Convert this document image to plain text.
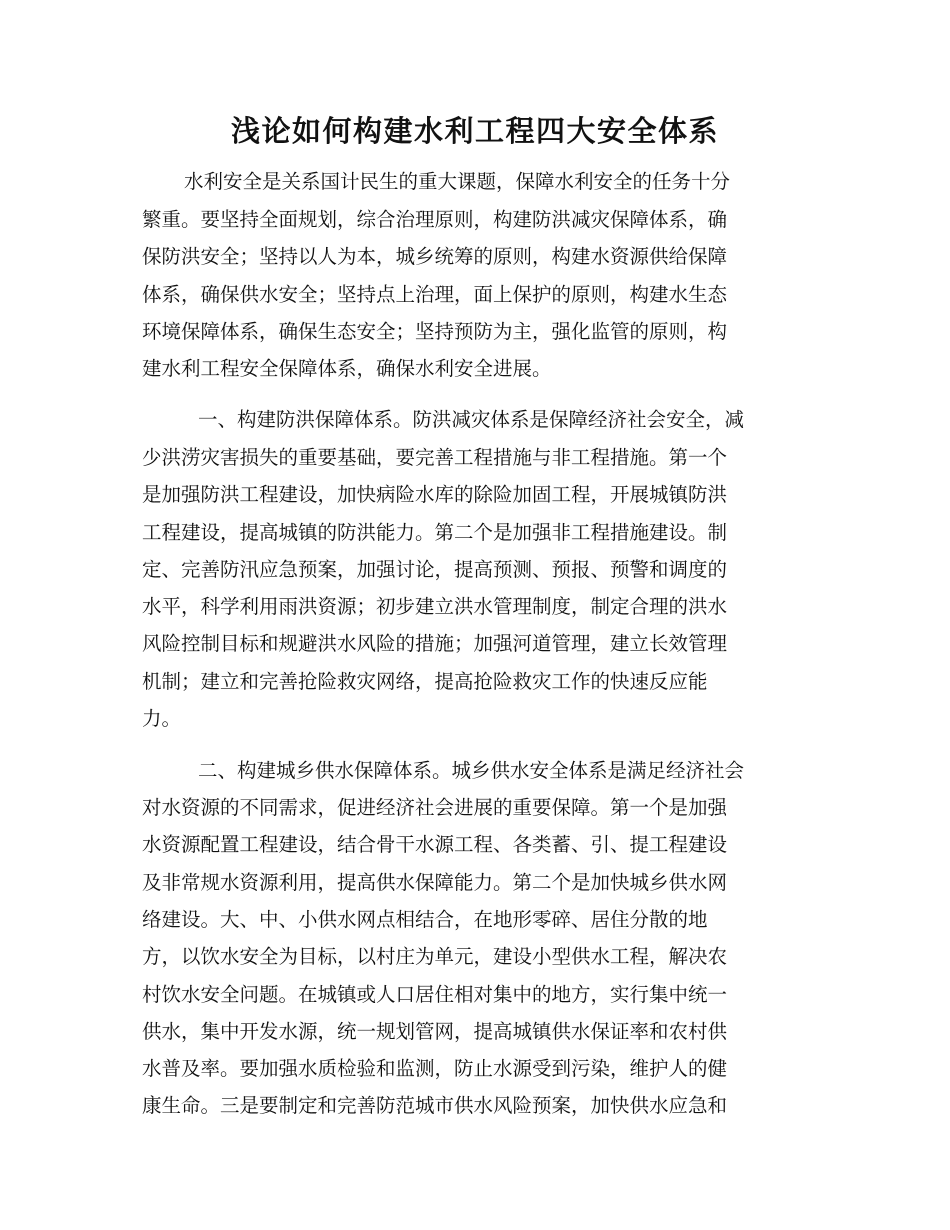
浅论如何构建水利工程四大安全体系

水利安全是关系国计民生的重大课题，保障水利安全的任务十分

繁重。要坚持全面规划，综合治理原则，构建防洪减灾保障体系，确

保防洪安全；坚持以人为本，城乡统筹的原则，构建水资源供给保障

体系，确保供水安全；坚持点上治理，面上保护的原则，构建水生态

环境保障体系，确保生态安全；坚持预防为主，强化监管的原则，构

建水利工程安全保障体系，确保水利安全进展。

一、构建防洪保障体系。防洪减灾体系是保障经济社会安全，减

少洪涝灾害损失的重要基础，要完善工程措施与非工程措施。第一个

是加强防洪工程建设，加快病险水库的除险加固工程，开展城镇防洪

工程建设，提高城镇的防洪能力。第二个是加强非工程措施建设。制

定、完善防汛应急预案，加强讨论，提高预测、预报、预警和调度的

水平，科学利用雨洪资源；初步建立洪水管理制度，制定合理的洪水

风险控制目标和规避洪水风险的措施；加强河道管理，建立长效管理

机制；建立和完善抢险救灾网络，提高抢险救灾工作的快速反应能

力。

二、构建城乡供水保障体系。城乡供水安全体系是满足经济社会

对水资源的不同需求，促进经济社会进展的重要保障。第一个是加强

水资源配置工程建设，结合骨干水源工程、各类蓄、引、提工程建设

及非常规水资源利用，提高供水保障能力。第二个是加快城乡供水网

络建设。大、中、小供水网点相结合，在地形零碎、居住分散的地

方，以饮水安全为目标，以村庄为单元，建设小型供水工程，解决农

村饮水安全问题。在城镇或人口居住相对集中的地方，实行集中统一

供水，集中开发水源，统一规划管网，提高城镇供水保证率和农村供

水普及率。要加强水质检验和监测，防止水源受到污染，维护人的健

康生命。三是要制定和完善防范城市供水风险预案，加快供水应急和
